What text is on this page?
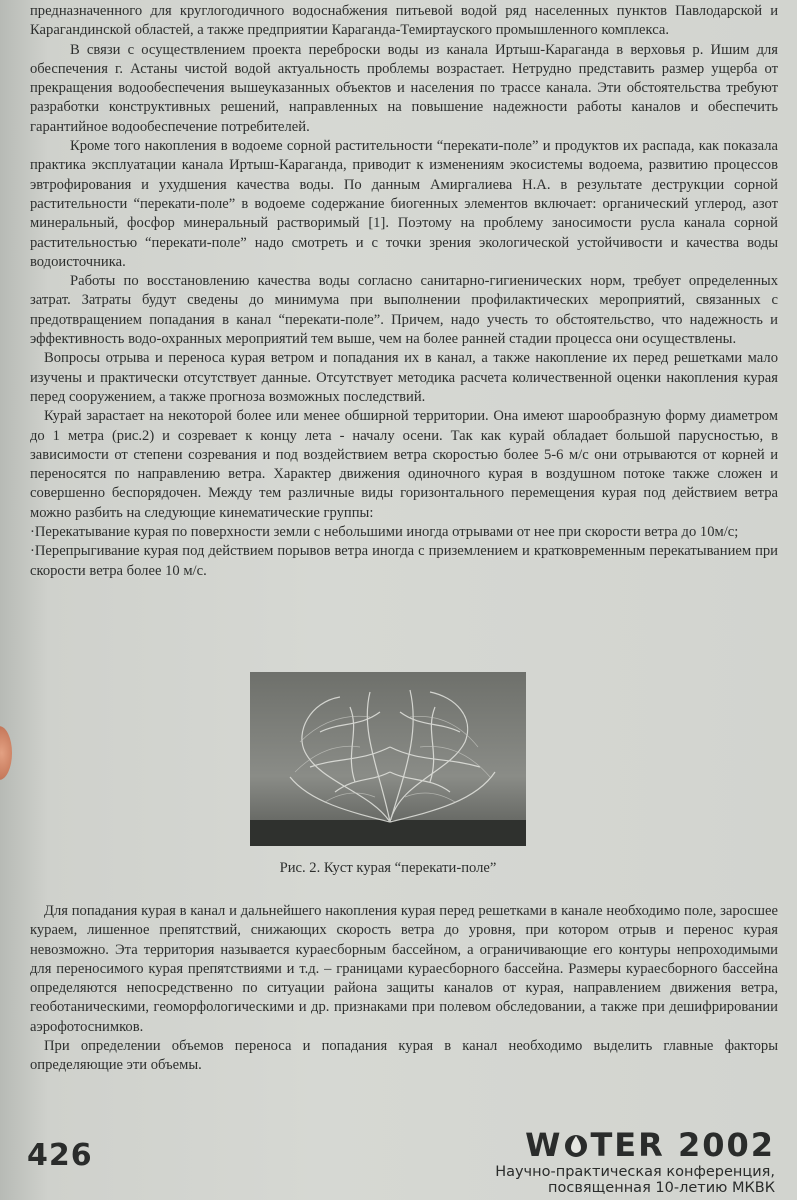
предназначенного для круглогодичного водоснабжения питьевой водой ряд населенных пунктов Павлодарской и Карагандинской областей, а также предприятии Караганда-Темиртауского промышленного комплекса.

В связи с осуществлением проекта переброски воды из канала Иртыш-Караганда в верховья р. Ишим для обеспечения г. Астаны чистой водой актуальность проблемы возрастает. Нетрудно представить размер ущерба от прекращения водообеспечения вышеуказанных объектов и населения по трассе канала. Эти обстоятельства требуют разработки конструктивных решений, направленных на повышение надежности работы каналов и обеспечить гарантийное водообеспечение потребителей.

Кроме того накопления в водоеме сорной растительности “перекати-поле” и продуктов их распада, как показала практика эксплуатации канала Иртыш-Караганда, приводит к изменениям экосистемы водоема, развитию процессов эвтрофирования и ухудшения качества воды. По данным Амиргалиева Н.А. в результате деструкции сорной растительности “перекати-поле” в водоеме содержание биогенных элементов включает: органический углерод, азот минеральный, фосфор минеральный растворимый [1]. Поэтому на проблему заносимости русла канала сорной растительностью “перекати-поле” надо смотреть и с точки зрения экологической устойчивости и качества воды водоисточника.

Работы по восстановлению качества воды согласно санитарно-гигиенических норм, требует определенных затрат. Затраты будут сведены до минимума при выполнении профилактических мероприятий, связанных с предотвращением попадания в канал “перекати-поле”. Причем, надо учесть то обстоятельство, что надежность и эффективность водо-охранных мероприятий тем выше, чем на более ранней стадии процесса они осуществлены.

Вопросы отрыва и переноса курая ветром и попадания их в канал, а также накопление их перед решетками мало изучены и практически отсутствует данные. Отсутствует методика расчета количественной оценки накопления курая перед сооружением, а также прогноза возможных последствий.

Курай зарастает на некоторой более или менее обширной территории. Она имеют шарообразную форму диаметром до 1 метра (рис.2) и созревает к концу лета - началу осени. Так как курай обладает большой парусностью, в зависимости от степени созревания и под воздействием ветра скоростью более 5-6 м/с они отрываются от корней и переносятся по направлению ветра. Характер движения одиночного курая в воздушном потоке также сложен и совершенно беспорядочен. Между тем различные виды горизонтального перемещения курая под действием ветра можно разбить на следующие кинематические группы:

·Перекатывание курая по поверхности земли с небольшими иногда отрывами от нее при скорости ветра до 10м/с;

·Перепрыгивание курая под действием порывов ветра иногда с приземлением и кратковременным перекатыванием при скорости ветра более 10 м/с.

Рис. 2. Куст курая “перекати-поле”

Для попадания курая в канал и дальнейшего накопления курая перед решетками в канале необходимо поле, заросшее кураем, лишенное препятствий, снижающих скорость ветра до уровня, при котором отрыв и перенос курая невозможно. Эта территория называется кураесборным бассейном, а ограничивающие его контуры непроходимыми для переносимого курая препятствиями и т.д. – границами кураесборного бассейна. Размеры кураесборного бассейна определяются непосредственно по ситуации района защиты каналов от курая, направлением движения ветра, геоботаническими, геоморфологическими и др. признаками при полевом обследовании, а также при дешифрировании аэрофотоснимков.

При определении объемов переноса и попадания курая в канал необходимо выделить главные факторы определяющие эти объемы.

426	W TER 2002
Научно-практическая конференция,
посвященная 10-летию МКВК
